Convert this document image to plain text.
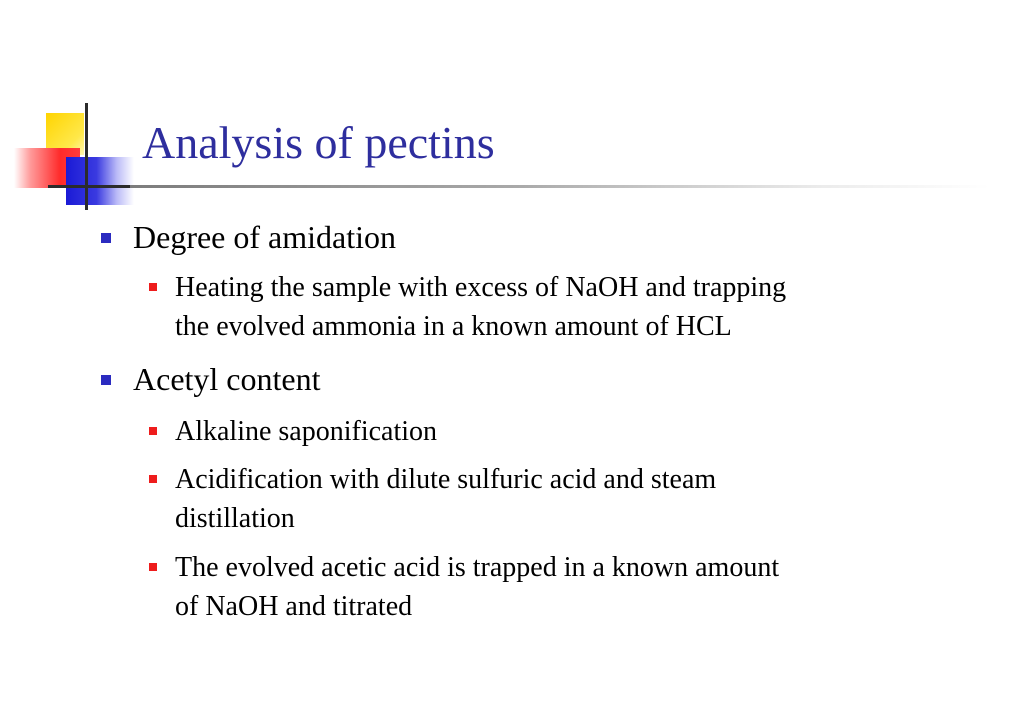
Analysis of pectins
Degree of amidation
Heating the sample with excess of NaOH and trapping
the evolved ammonia in a known amount of HCL
Acetyl content
Alkaline saponification
Acidification with dilute sulfuric acid and steam
distillation
The evolved acetic acid is trapped in a known amount
of NaOH and titrated
